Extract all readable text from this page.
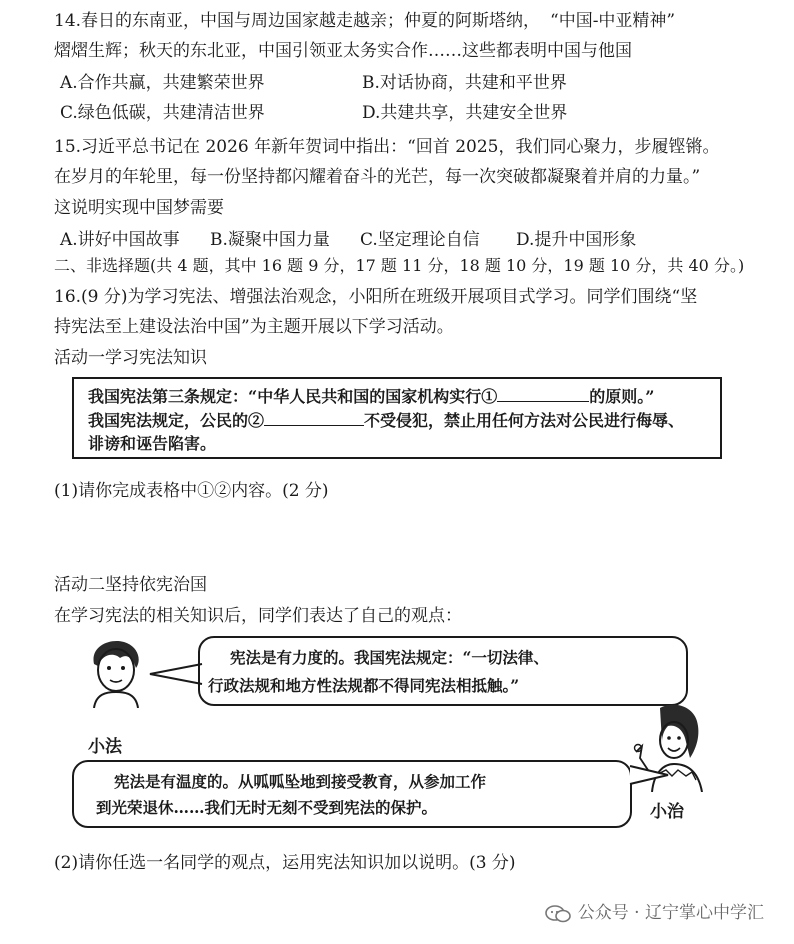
14.春日的东南亚，中国与周边国家越走越亲；仲夏的阿斯塔纳， “中国-中亚精神”
熠熠生辉；秋天的东北亚，中国引领亚太务实合作……这些都表明中国与他国
A.合作共赢，共建繁荣世界	B.对话协商，共建和平世界
C.绿色低碳，共建清洁世界	D.共建共享，共建安全世界
15.习近平总书记在 2026 年新年贺词中指出：“回首 2025，我们同心聚力，步履铿锵。
在岁月的年轮里，每一份坚持都闪耀着奋斗的光芒，每一次突破都凝聚着并肩的力量。”
这说明实现中国梦需要
A.讲好中国故事 B.凝聚中国力量 C.坚定理论自信 D.提升中国形象
二、非选择题(共 4 题，其中 16 题 9 分，17 题 11 分，18 题 10 分，19 题 10 分，共 40 分。)
16.(9 分)为学习宪法、增强法治观念，小阳所在班级开展项目式学习。同学们围绕“坚
持宪法至上建设法治中国”为主题开展以下学习活动。
活动一学习宪法知识
我国宪法第三条规定：“中华人民共和国的国家机构实行①	的原则。”
我国宪法规定，公民的②	不受侵犯，禁止用任何方法对公民进行侮辱、
诽谤和诬告陷害。
(1)请你完成表格中①②内容。(2 分)
活动二坚持依宪治国
在学习宪法的相关知识后，同学们表达了自己的观点：
宪法是有力度的。我国宪法规定：“一切法律、
行政法规和地方性法规都不得同宪法相抵触。”
小法
宪法是有温度的。从呱呱坠地到接受教育，从参加工作
到光荣退休……我们无时无刻不受到宪法的保护。	小治
(2)请你任选一名同学的观点，运用宪法知识加以说明。(3 分)
公众号 · 辽宁掌心中学汇
